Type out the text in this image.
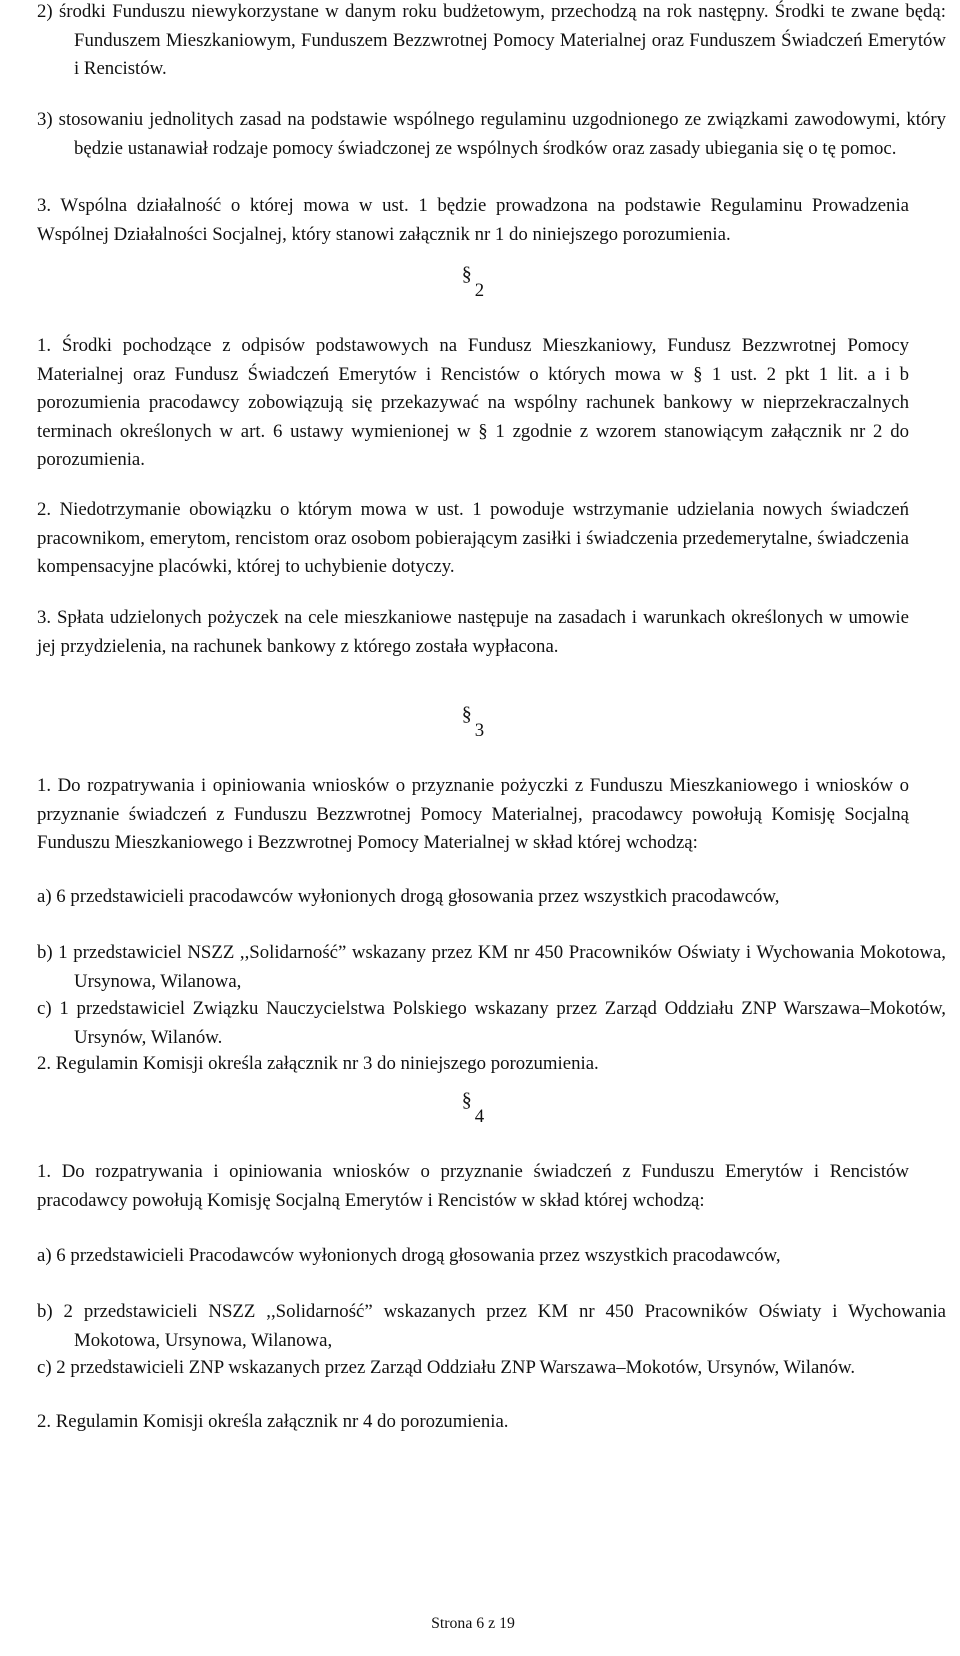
2) środki Funduszu niewykorzystane w danym roku budżetowym, przechodzą na rok następny. Środki te zwane będą: Funduszem Mieszkaniowym, Funduszem Bezzwrotnej Pomocy Materialnej oraz Funduszem Świadczeń Emerytów i Rencistów.

3) stosowaniu jednolitych zasad na podstawie wspólnego regulaminu uzgodnionego ze związkami zawodowymi, który będzie ustanawiał rodzaje pomocy świadczonej ze wspólnych środków oraz zasady ubiegania się o tę pomoc.

3. Wspólna działalność o której mowa w ust. 1 będzie prowadzona na podstawie Regulaminu Prowadzenia Wspólnej Działalności Socjalnej, który stanowi załącznik nr 1 do niniejszego porozumienia.

§2

1. Środki pochodzące z odpisów podstawowych na Fundusz Mieszkaniowy, Fundusz Bezzwrotnej Pomocy Materialnej oraz Fundusz Świadczeń Emerytów i Rencistów o których mowa w § 1 ust. 2 pkt 1 lit. a i b porozumienia pracodawcy zobowiązują się przekazywać na wspólny rachunek bankowy w nieprzekraczalnych terminach określonych w art. 6 ustawy wymienionej w § 1 zgodnie z wzorem stanowiącym załącznik nr 2 do porozumienia.

2. Niedotrzymanie obowiązku o którym mowa w ust. 1 powoduje wstrzymanie udzielania nowych świadczeń pracownikom, emerytom, rencistom oraz osobom pobierającym zasiłki i świadczenia przedemerytalne, świadczenia kompensacyjne placówki, której to uchybienie dotyczy.

3. Spłata udzielonych pożyczek na cele mieszkaniowe następuje na zasadach i warunkach określonych w umowie jej przydzielenia, na rachunek bankowy z którego została wypłacona.

§3

1. Do rozpatrywania i opiniowania wniosków o przyznanie pożyczki z Funduszu Mieszkaniowego i wniosków o przyznanie świadczeń z Funduszu Bezzwrotnej Pomocy Materialnej, pracodawcy powołują Komisję Socjalną Funduszu Mieszkaniowego i Bezzwrotnej Pomocy Materialnej w skład której wchodzą:

a) 6 przedstawicieli pracodawców wyłonionych drogą głosowania przez wszystkich pracodawców,

b) 1 przedstawiciel NSZZ ,,Solidarność” wskazany przez KM nr 450 Pracowników Oświaty i Wychowania Mokotowa, Ursynowa, Wilanowa,

c) 1 przedstawiciel Związku Nauczycielstwa Polskiego wskazany przez Zarząd Oddziału ZNP Warszawa–Mokotów, Ursynów, Wilanów.

2. Regulamin Komisji określa załącznik nr 3 do niniejszego porozumienia.

§4

1. Do rozpatrywania i opiniowania wniosków o przyznanie świadczeń z Funduszu Emerytów i Rencistów pracodawcy powołują Komisję Socjalną Emerytów i Rencistów w skład której wchodzą:

a) 6 przedstawicieli Pracodawców wyłonionych drogą głosowania przez wszystkich pracodawców,

b) 2 przedstawicieli NSZZ ,,Solidarność” wskazanych przez KM nr 450 Pracowników Oświaty i Wychowania Mokotowa, Ursynowa, Wilanowa,

c) 2 przedstawicieli ZNP wskazanych przez Zarząd Oddziału ZNP Warszawa–Mokotów, Ursynów, Wilanów.

2. Regulamin Komisji określa załącznik nr 4 do porozumienia.

Strona 6 z 19
